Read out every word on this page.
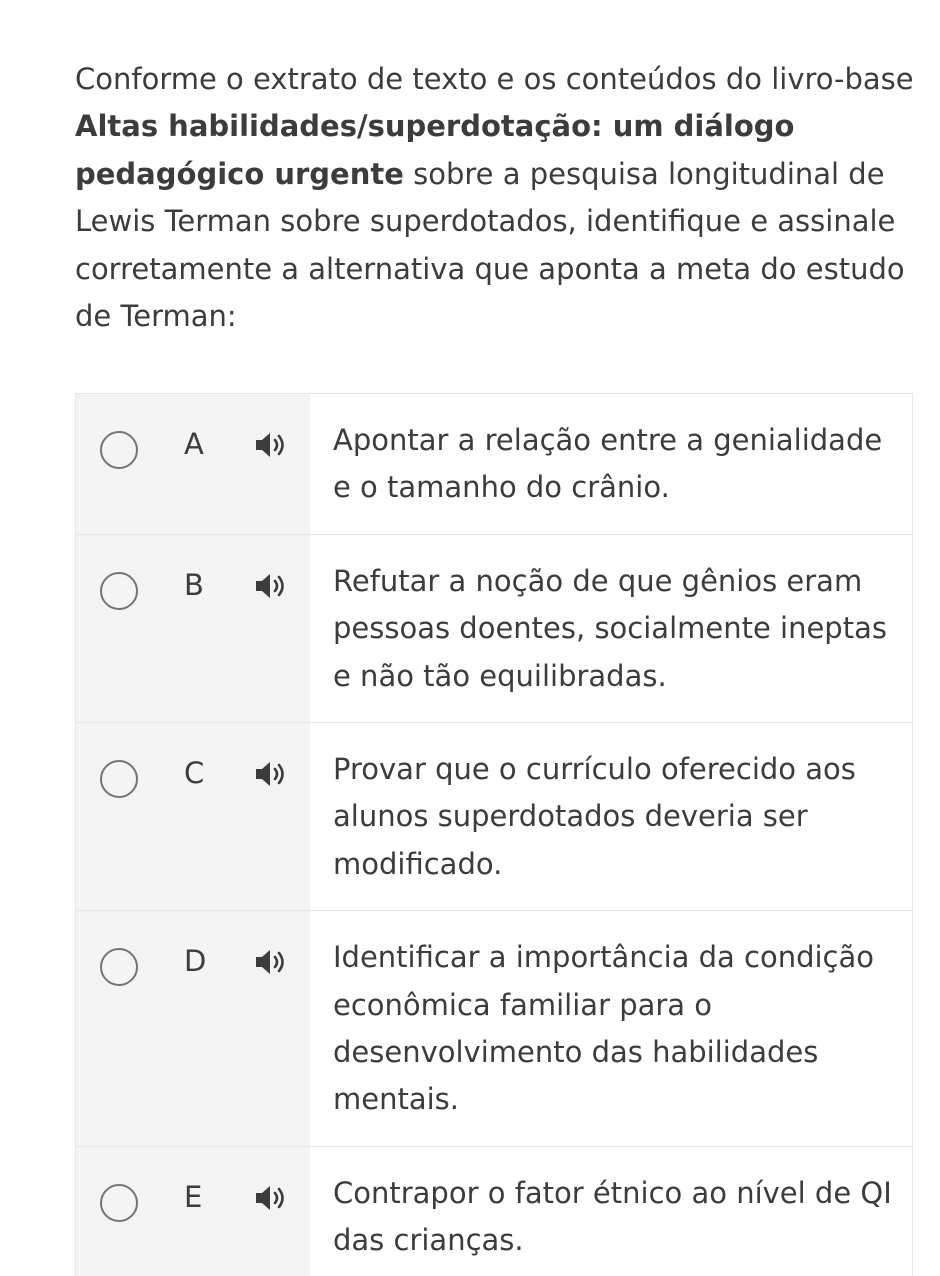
Conforme o extrato de texto e os conteúdos do livro-base Altas habilidades/superdotação: um diálogo pedagógico urgente sobre a pesquisa longitudinal de Lewis Terman sobre superdotados, identifique e assinale corretamente a alternativa que aponta a meta do estudo de Terman:

A	Apontar a relação entre a genialidade e o tamanho do crânio.
B	Refutar a noção de que gênios eram pessoas doentes, socialmente ineptas e não tão equilibradas.
C	Provar que o currículo oferecido aos alunos superdotados deveria ser modificado.
D	Identificar a importância da condição econômica familiar para o desenvolvimento das habilidades mentais.
E	Contrapor o fator étnico ao nível de QI das crianças.
